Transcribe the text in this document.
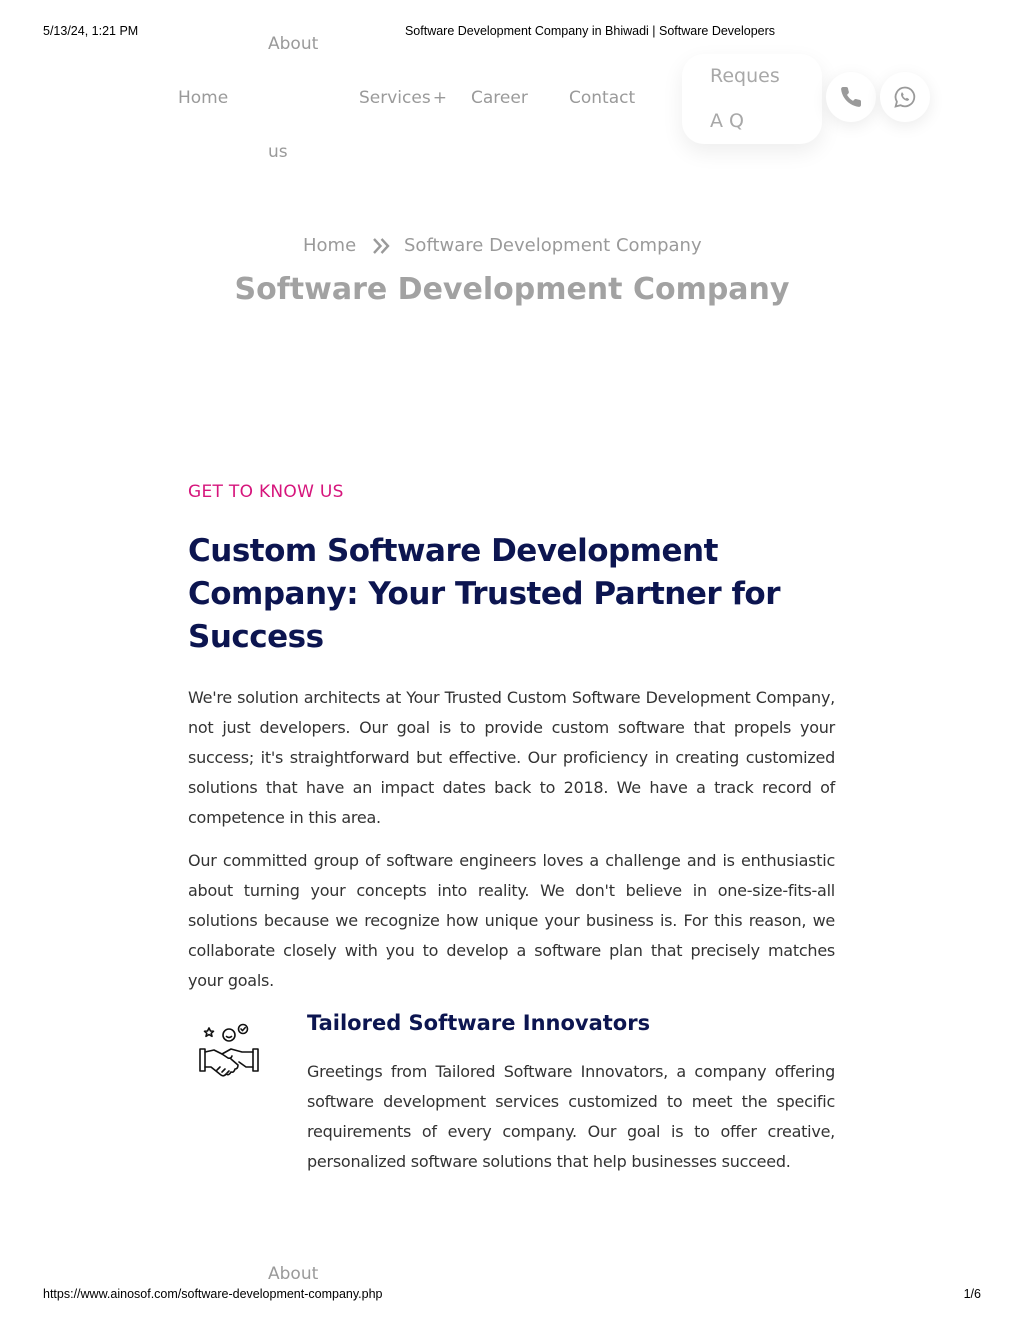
5/13/24, 1:21 PM	Software Development Company in Bhiwadi | Software Developers
Home
About
us
Services + Career Contact
Reques
A Q
Home	Software Development Company
Software Development Company
GET TO KNOW US
Custom Software Development Company: Your Trusted Partner for Success

We're solution architects at Your Trusted Custom Software Development Company, not just developers. Our goal is to provide custom software that propels your success; it's straightforward but effective. Our proficiency in creating customized solutions that have an impact dates back to 2018. We have a track record of competence in this area.

Our committed group of software engineers loves a challenge and is enthusiastic about turning your concepts into reality. We don't believe in one-size-fits-all solutions because we recognize how unique your business is. For this reason, we collaborate closely with you to develop a software plan that precisely matches your goals.

Tailored Software Innovators

Greetings from Tailored Software Innovators, a company offering software development services customized to meet the specific requirements of every company. Our goal is to offer creative, personalized software solutions that help businesses succeed.

About
https://www.ainosof.com/software-development-company.php	1/6
